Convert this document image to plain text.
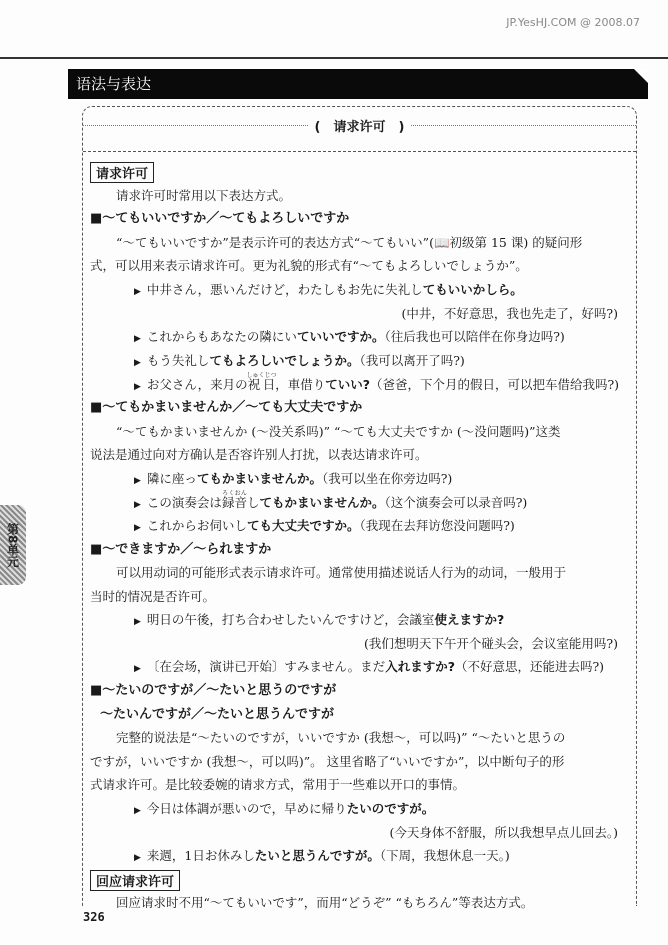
JP.YesHJ.COM @ 2008.07
语法与表达
第8单元
(　请求许可　)
请求许可
请求许可时常用以下表达方式。
■～てもいいですか／～てもよろしいですか
“～てもいいですか”是表示许可的表达方式“～てもいい”(📖初级第 15 课) 的疑问形
式，可以用来表示请求许可。更为礼貌的形式有“～てもよろしいでしょうか”。
▶ 中井さん，悪いんだけど，わたしもお先に失礼してもいいかしら。
(中井，不好意思，我也先走了，好吗?)
▶ これからもあなたの隣にいていいですか。（往后我也可以陪伴在你身边吗?)
▶ もう失礼してもよろしいでしょうか。（我可以离开了吗?)
▶ お父さん，来月の祝日しゅくじつ，車借りていい?（爸爸，下个月的假日，可以把车借给我吗?)
■～てもかまいませんか／～ても大丈夫ですか
“～てもかまいませんか (～没关系吗)” “～ても大丈夫ですか (～没问题吗)”这类
说法是通过向对方确认是否容许别人打扰，以表达请求许可。
▶ 隣に座ってもかまいませんか。（我可以坐在你旁边吗?)
▶ この演奏会は録音ろくおんしてもかまいませんか。（这个演奏会可以录音吗?)
▶ これからお伺いしても大丈夫ですか。（我现在去拜访您没问题吗?)
■～できますか／～られますか
可以用动词的可能形式表示请求许可。通常使用描述说话人行为的动词，一般用于
当时的情况是否许可。
▶ 明日の午後，打ち合わせしたいんですけど，会議室使えますか?
(我们想明天下午开个碰头会，会议室能用吗?)
▶ 〔在会场，演讲已开始〕すみません。まだ入れますか?（不好意思，还能进去吗?)
■～たいのですが／～たいと思うのですが
～たいんですが／～たいと思うんですが
完整的说法是“～たいのですが，いいですか (我想～，可以吗)” “～たいと思うの
ですが，いいですか (我想～，可以吗)”。 这里省略了“いいですか”，以中断句子的形
式请求许可。是比较委婉的请求方式，常用于一些难以开口的事情。
▶ 今日は体調が悪いので，早めに帰りたいのですが。
(今天身体不舒服，所以我想早点儿回去。)
▶ 来週，1日お休みしたいと思うんですが。（下周，我想休息一天。)
回应请求许可
回应请求时不用“～てもいいです”，而用“どうぞ” “もちろん”等表达方式。
326
